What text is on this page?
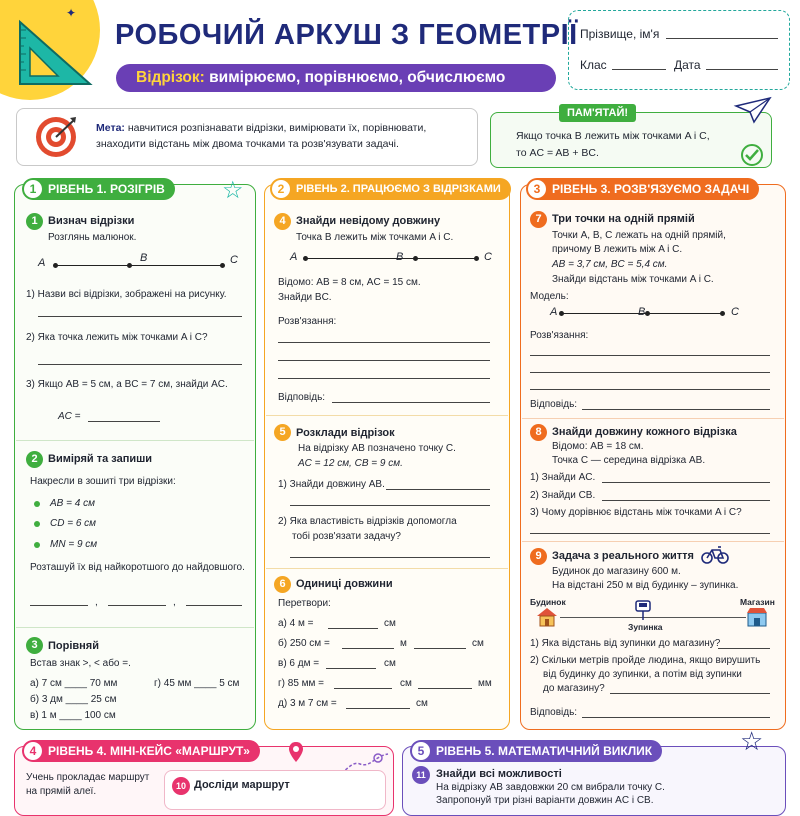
✦
РОБОЧИЙ АРКУШ З ГЕОМЕТРІЇ
Відрізок: вимірюємо, порівнюємо, обчислюємо
Прізвище, ім'я
Клас	Дата
Мета: навчитися розпізнавати відрізки, вимірювати їх, порівнювати,
знаходити відстань між двома точками та розв'язувати задачі.
ПАМ'ЯТАЙ!
Якщо точка B лежить між точками A і C,
то AC = AB + BC.
1 РІВЕНЬ 1. РОЗІГРІВ	☆
1 Визнач відрізки
Розглянь малюнок.
A	B	C
1) Назви всі відрізки, зображені на рисунку.
2) Яка точка лежить між точками A і C?
3) Якщо AB = 5 см, а BC = 7 см, знайди AC.
AC =
2 Виміряй та запиши
Накресли в зошиті три відрізки:
AB = 4 см
CD = 6 см
MN = 9 см
Розташуй їх від найкоротшого до найдовшого.
,	,
3 Порівняй
Встав знак >, < або =.
а) 7 см ____ 70 мм	г) 45 мм ____ 5 см
б) 3 дм ____ 25 см
в) 1 м ____ 100 см
2	РІВЕНЬ 2. ПРАЦЮЄМО З ВІДРІЗКАМИ
4 Знайди невідому довжину
Точка B лежить між точками A і C.
A	B	C
Відомо: AB = 8 см, AC = 15 см.
Знайди BC.
Розв'язання:
Відповідь:
5 Розклади відрізок
На відрізку AB позначено точку C.
AC = 12 см, CB = 9 см.
1) Знайди довжину AB.
2) Яка властивість відрізків допомогла
тобі розв'язати задачу?
6 Одиниці довжини
Перетвори:
а) 4 м =	см
б) 250 см =	м	см
в) 6 дм =	см
г) 85 мм =	см	мм
д) 3 м 7 см =	см
3 РІВЕНЬ 3. РОЗВ'ЯЗУЄМО ЗАДАЧІ
7 Три точки на одній прямій
Точки A, B, C лежать на одній прямій,
причому B лежить між A і C.
AB = 3,7 см, BC = 5,4 см.
Знайди відстань між точками A і C.
Модель:
A	B	C
Розв'язання:
Відповідь:
8 Знайди довжину кожного відрізка
Відомо: AB = 18 см.
Точка C — середина відрізка AB.
1) Знайди AC.
2) Знайди CB.
3) Чому дорівнює відстань між точками A і C?
9 Задача з реального життя
Будинок до магазину 600 м.
На відстані 250 м від будинку – зупинка.
Будинок	Магазин
Зупинка
1) Яка відстань від зупинки до магазину?
2) Скільки метрів пройде людина, якщо вирушить
від будинку до зупинки, а потім від зупинки
до магазину?
Відповідь:
4 РІВЕНЬ 4. МІНІ-КЕЙС «МАРШРУТ»
Учень прокладає маршрут
на прямій алеї.	10 Досліди маршрут
5 РІВЕНЬ 5. МАТЕМАТИЧНИЙ ВИКЛИК	☆
11 Знайди всі можливості
На відрізку AB завдовжки 20 см вибрали точку C.
Запропонуй три різні варіанти довжин AC і CB.
